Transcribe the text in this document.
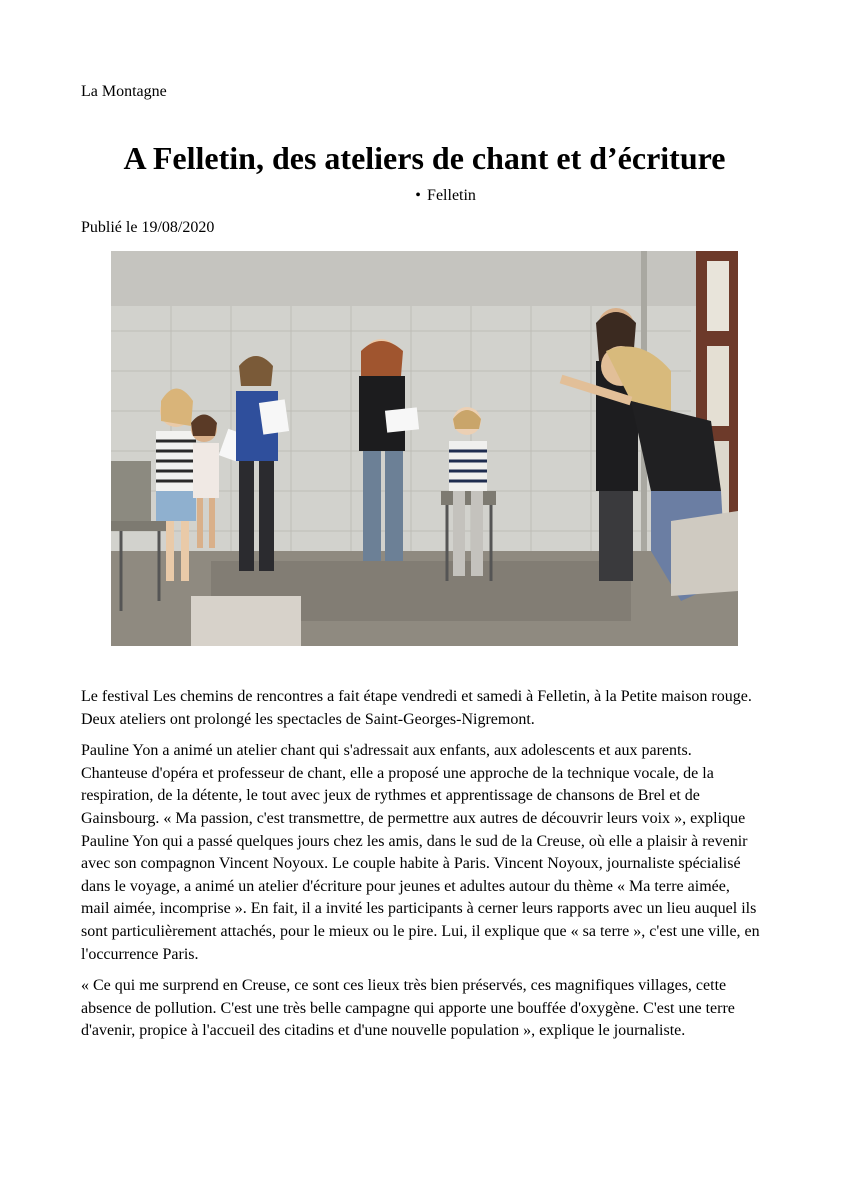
La Montagne
A Felletin, des ateliers de chant et d’écriture
• Felletin
Publié le 19/08/2020

Le festival Les chemins de rencontres a fait étape vendredi et samedi à Felletin, à la Petite maison rouge. Deux ateliers ont prolongé les spectacles de Saint-Georges-Nigremont.

Pauline Yon a animé un atelier chant qui s'adressait aux enfants, aux adolescents et aux parents. Chanteuse d'opéra et professeur de chant, elle a proposé une approche de la technique vocale, de la respiration, de la détente, le tout avec jeux de rythmes et apprentissage de chansons de Brel et de Gainsbourg. « Ma passion, c'est transmettre, de permettre aux autres de découvrir leurs voix », explique Pauline Yon qui a passé quelques jours chez les amis, dans le sud de la Creuse, où elle a plaisir à revenir avec son compagnon Vincent Noyoux. Le couple habite à Paris. Vincent Noyoux, journaliste spécialisé dans le voyage, a animé un atelier d'écriture pour jeunes et adultes autour du thème « Ma terre aimée, mail aimée, incomprise ». En fait, il a invité les participants à cerner leurs rapports avec un lieu auquel ils sont particulièrement attachés, pour le mieux ou le pire. Lui, il explique que « sa terre », c'est une ville, en l'occurrence Paris.

« Ce qui me surprend en Creuse, ce sont ces lieux très bien préservés, ces magnifiques villages, cette absence de pollution. C'est une très belle campagne qui apporte une bouffée d'oxygène. C'est une terre d'avenir, propice à l'accueil des citadins et d'une nouvelle population », explique le journaliste.
